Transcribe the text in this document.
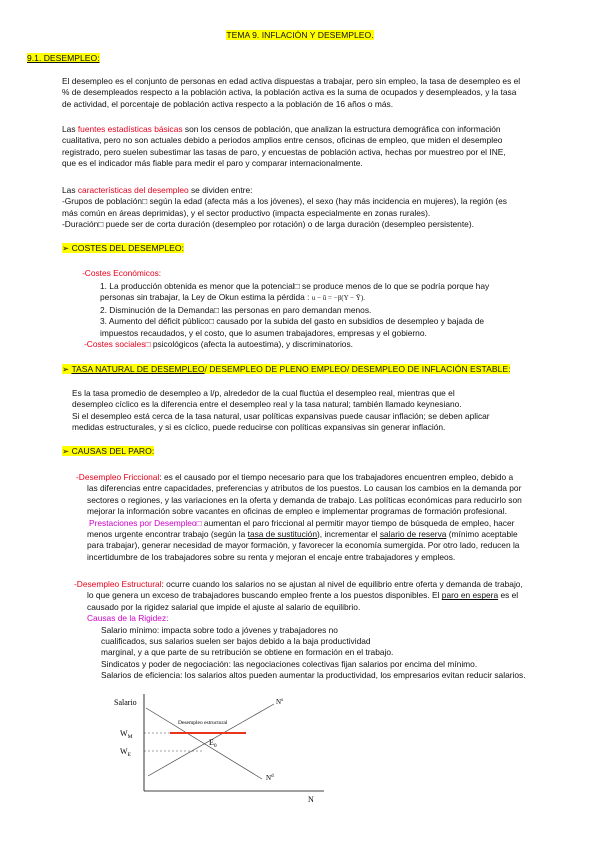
TEMA 9. INFLACIÓN Y DESEMPLEO.
9.1. DESEMPLEO:
El desempleo es el conjunto de personas en edad activa dispuestas a trabajar, pero sin empleo, la tasa de desempleo es el
% de desempleados respecto a la población activa, la población activa es la suma de ocupados y desempleados, y la tasa
de actividad, el porcentaje de población activa respecto a la población de 16 años o más.
Las fuentes estadísticas básicas son los censos de población, que analizan la estructura demográfica con información
cualitativa, pero no son actuales debido a periodos amplios entre censos, oficinas de empleo, que miden el desempleo
registrado, pero suelen subestimar las tasas de paro, y encuestas de población activa, hechas por muestreo por el INE,
que es el indicador más fiable para medir el paro y comparar internacionalmente.
Las características del desempleo se dividen entre:
-Grupos de población□ según la edad (afecta más a los jóvenes), el sexo (hay más incidencia en mujeres), la región (es
más común en áreas deprimidas), y el sector productivo (impacta especialmente en zonas rurales).
-Duración□ puede ser de corta duración (desempleo por rotación) o de larga duración (desempleo persistente).
➢ COSTES DEL DESEMPLEO:
-Costes Económicos:
1. La producción obtenida es menor que la potencial□ se produce menos de lo que se podría porque hay
personas sin trabajar, la Ley de Okun estima la pérdida : u − ū = −β(Y − Ȳ).
2. Disminución de la Demanda□ las personas en paro demandan menos.
3. Aumento del déficit público□ causado por la subida del gasto en subsidios de desempleo y bajada de
impuestos recaudados, y el costo, que lo asumen trabajadores, empresas y el gobierno.
-Costes sociales□ psicológicos (afecta la autoestima), y discriminatorios.
➢ TASA NATURAL DE DESEMPLEO/ DESEMPLEO DE PLENO EMPLEO/ DESEMPLEO DE INFLACIÓN ESTABLE:
Es la tasa promedio de desempleo a l/p, alrededor de la cual fluctúa el desempleo real, mientras que el
desempleo cíclico es la diferencia entre el desempleo real y la tasa natural; también llamado keynesiano.
Si el desempleo está cerca de la tasa natural, usar políticas expansivas puede causar inflación; se deben aplicar
medidas estructurales, y si es cíclico, puede reducirse con políticas expansivas sin generar inflación.
➢ CAUSAS DEL PARO:
-Desempleo Friccional: es el causado por el tiempo necesario para que los trabajadores encuentren empleo, debido a
las diferencias entre capacidades, preferencias y atributos de los puestos. Lo causan los cambios en la demanda por
sectores o regiones, y las variaciones en la oferta y demanda de trabajo. Las políticas económicas para reducirlo son
mejorar la información sobre vacantes en oficinas de empleo e implementar programas de formación profesional.
Prestaciones por Desempleo□ aumentan el paro friccional al permitir mayor tiempo de búsqueda de empleo, hacer
menos urgente encontrar trabajo (según la tasa de sustitución), incrementar el salario de reserva (mínimo aceptable
para trabajar), generar necesidad de mayor formación, y favorecer la economía sumergida. Por otro lado, reducen la
incertidumbre de los trabajadores sobre su renta y mejoran el encaje entre trabajadores y empleos.
-Desempleo Estructural: ocurre cuando los salarios no se ajustan al nivel de equilibrio entre oferta y demanda de trabajo,
lo que genera un exceso de trabajadores buscando empleo frente a los puestos disponibles. El paro en espera es el
causado por la rigidez salarial que impide el ajuste al salario de equilibrio.
Causas de la Rigidez:
Salario mínimo: impacta sobre todo a jóvenes y trabajadores no
cualificados, sus salarios suelen ser bajos debido a la baja productividad
marginal, y a que parte de su retribución se obtiene en formación en el trabajo.
Sindicatos y poder de negociación: las negociaciones colectivas fijan salarios por encima del mínimo.
Salarios de eficiencia: los salarios altos pueden aumentar la productividad, los empresarios evitan reducir salarios.
Salario
N
$N^s$
$N^d$
$W_M$
$W_E$
$E_0$
Desempleo estructural
